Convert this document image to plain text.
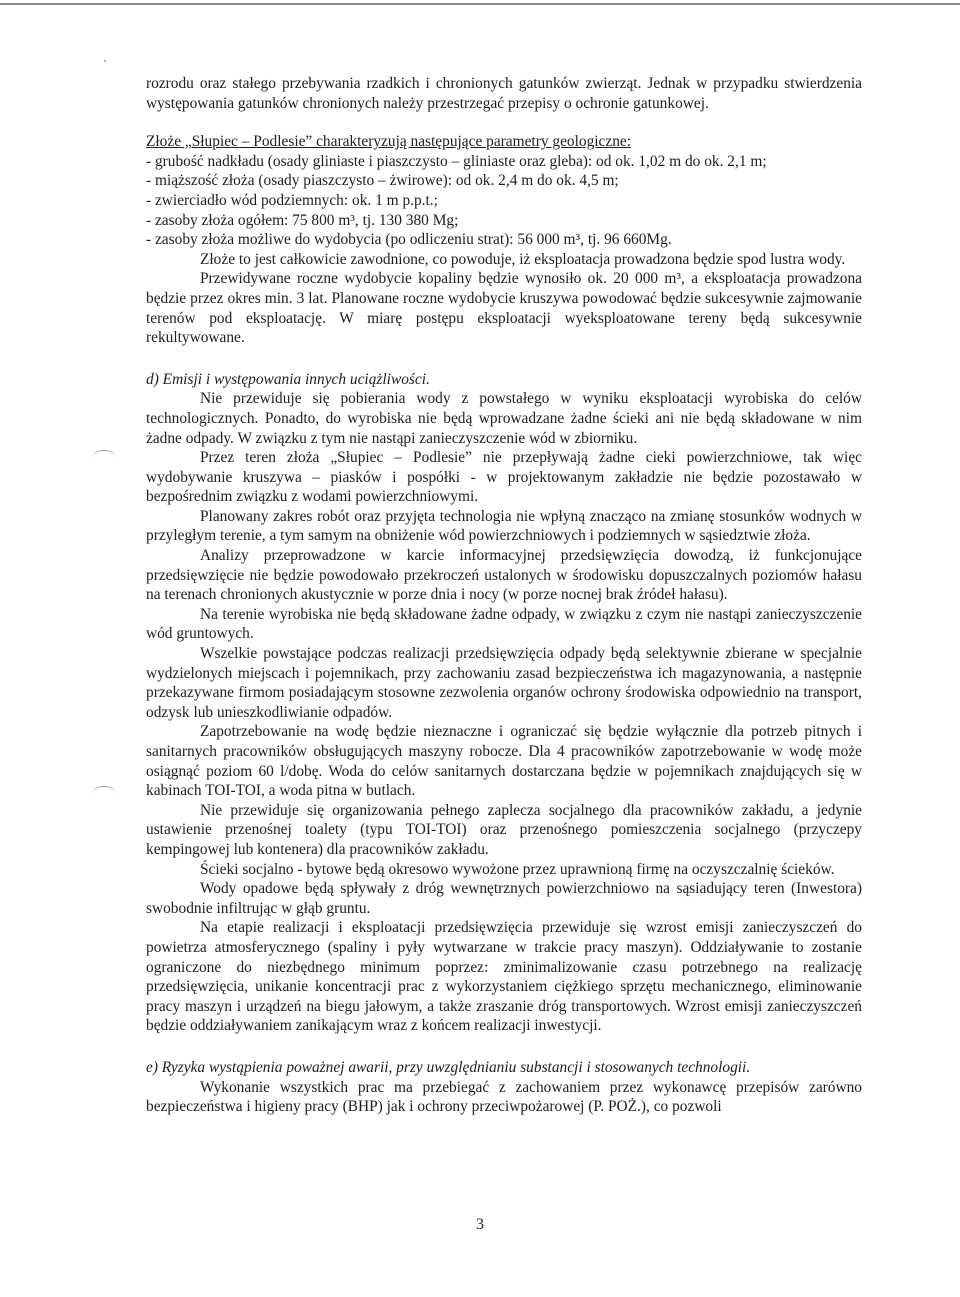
rozrodu oraz stałego przebywania rzadkich i chronionych gatunków zwierząt. Jednak w przypadku stwierdzenia występowania gatunków chronionych należy przestrzegać przepisy o ochronie gatunkowej.

Złoże „Słupiec – Podlesie” charakteryzują następujące parametry geologiczne:

- grubość nadkładu (osady gliniaste i piaszczysto – gliniaste oraz gleba): od ok. 1,02 m do ok. 2,1 m;
- miąższość złoża (osady piaszczysto – żwirowe): od ok. 2,4 m do ok. 4,5 m;
- zwierciadło wód podziemnych: ok. 1 m p.p.t.;
- zasoby złoża ogółem: 75 800 m³, tj. 130 380 Mg;
- zasoby złoża możliwe do wydobycia (po odliczeniu strat): 56 000 m³, tj. 96 660Mg.

Złoże to jest całkowicie zawodnione, co powoduje, iż eksploatacja prowadzona będzie spod lustra wody.

Przewidywane roczne wydobycie kopaliny będzie wynosiło ok. 20 000 m³, a eksploatacja prowadzona będzie przez okres min. 3 lat. Planowane roczne wydobycie kruszywa powodować będzie sukcesywnie zajmowanie terenów pod eksploatację. W miarę postępu eksploatacji wyeksploatowane tereny będą sukcesywnie rekultywowane.

d) Emisji i występowania innych uciążliwości.

Nie przewiduje się pobierania wody z powstałego w wyniku eksploatacji wyrobiska do celów technologicznych. Ponadto, do wyrobiska nie będą wprowadzane żadne ścieki ani nie będą składowane w nim żadne odpady. W związku z tym nie nastąpi zanieczyszczenie wód w zbiorniku.

Przez teren złoża „Słupiec – Podlesie” nie przepływają żadne cieki powierzchniowe, tak więc wydobywanie kruszywa – piasków i pospółki - w projektowanym zakładzie nie będzie pozostawało w bezpośrednim związku z wodami powierzchniowymi.

Planowany zakres robót oraz przyjęta technologia nie wpłyną znacząco na zmianę stosunków wodnych w przyległym terenie, a tym samym na obniżenie wód powierzchniowych i podziemnych w sąsiedztwie złoża.

Analizy przeprowadzone w karcie informacyjnej przedsięwzięcia dowodzą, iż funkcjonujące przedsięwzięcie nie będzie powodowało przekroczeń ustalonych w środowisku dopuszczalnych poziomów hałasu na terenach chronionych akustycznie w porze dnia i nocy (w porze nocnej brak źródeł hałasu).

Na terenie wyrobiska nie będą składowane żadne odpady, w związku z czym nie nastąpi zanieczyszczenie wód gruntowych.

Wszelkie powstające podczas realizacji przedsięwzięcia odpady będą selektywnie zbierane w specjalnie wydzielonych miejscach i pojemnikach, przy zachowaniu zasad bezpieczeństwa ich magazynowania, a następnie przekazywane firmom posiadającym stosowne zezwolenia organów ochrony środowiska odpowiednio na transport, odzysk lub unieszkodliwianie odpadów.

Zapotrzebowanie na wodę będzie nieznaczne i ograniczać się będzie wyłącznie dla potrzeb pitnych i sanitarnych pracowników obsługujących maszyny robocze. Dla 4 pracowników zapotrzebowanie w wodę może osiągnąć poziom 60 l/dobę. Woda do celów sanitarnych dostarczana będzie w pojemnikach znajdujących się w kabinach TOI-TOI, a woda pitna w butlach.

Nie przewiduje się organizowania pełnego zaplecza socjalnego dla pracowników zakładu, a jedynie ustawienie przenośnej toalety (typu TOI-TOI) oraz przenośnego pomieszczenia socjalnego (przyczepy kempingowej lub kontenera) dla pracowników zakładu.

Ścieki socjalno - bytowe będą okresowo wywożone przez uprawnioną firmę na oczyszczalnię ścieków.

Wody opadowe będą spływały z dróg wewnętrznych powierzchniowo na sąsiadujący teren (Inwestora) swobodnie infiltrując w głąb gruntu.

Na etapie realizacji i eksploatacji przedsięwzięcia przewiduje się wzrost emisji zanieczyszczeń do powietrza atmosferycznego (spaliny i pyły wytwarzane w trakcie pracy maszyn). Oddziaływanie to zostanie ograniczone do niezbędnego minimum poprzez: zminimalizowanie czasu potrzebnego na realizację przedsięwzięcia, unikanie koncentracji prac z wykorzystaniem ciężkiego sprzętu mechanicznego, eliminowanie pracy maszyn i urządzeń na biegu jałowym, a także zraszanie dróg transportowych. Wzrost emisji zanieczyszczeń będzie oddziaływaniem zanikającym wraz z końcem realizacji inwestycji.

e) Ryzyka wystąpienia poważnej awarii, przy uwzględnianiu substancji i stosowanych technologii.

Wykonanie wszystkich prac ma przebiegać z zachowaniem przez wykonawcę przepisów zarówno bezpieczeństwa i higieny pracy (BHP) jak i ochrony przeciwpożarowej (P. POŻ.), co pozwoli

3
